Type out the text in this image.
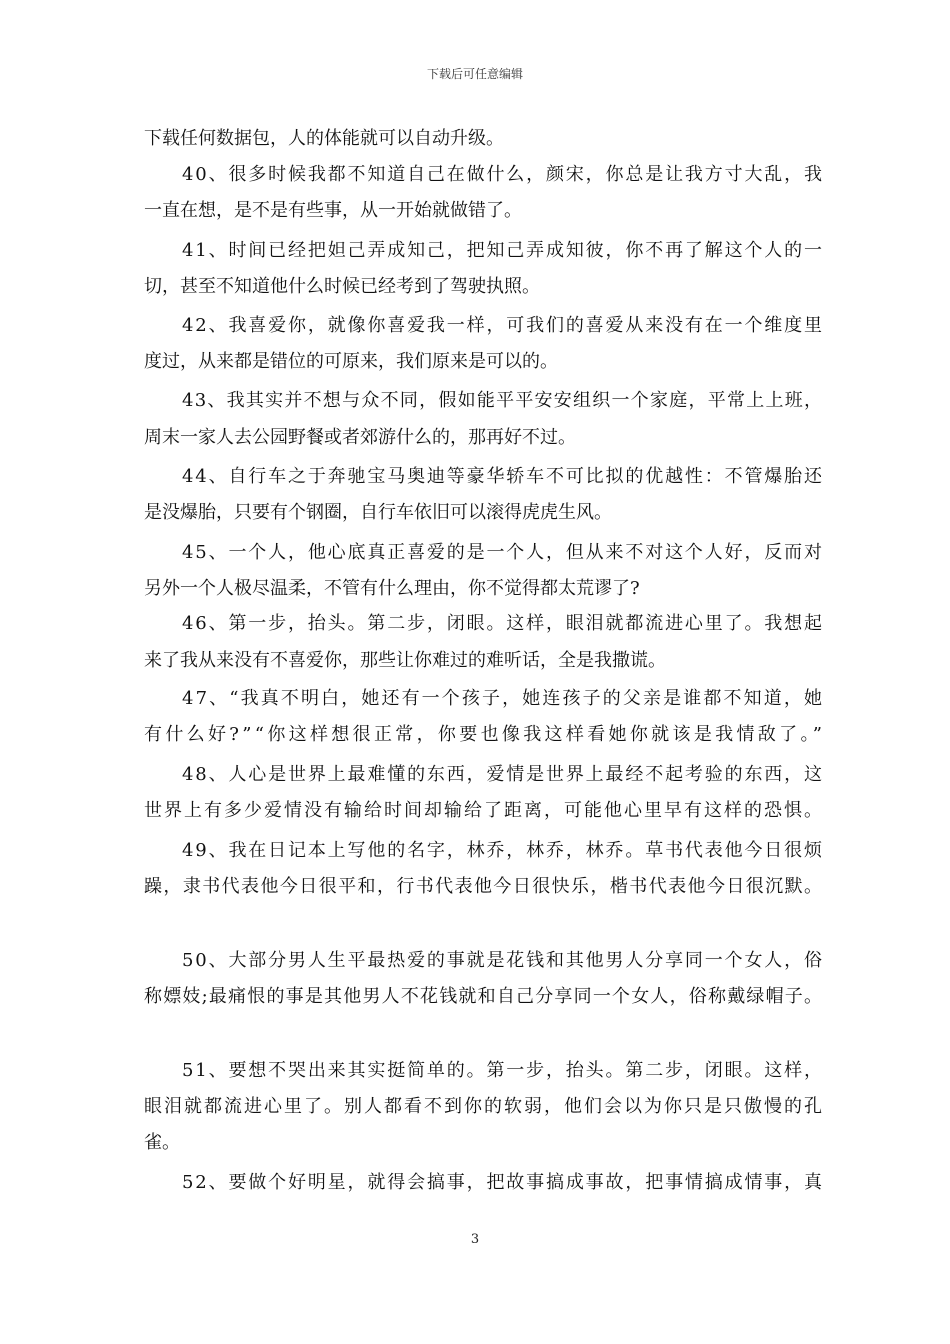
下载后可任意编辑
下载任何数据包，人的体能就可以自动升级。
40、很多时候我都不知道自己在做什么，颜宋，你总是让我方寸大乱，我
一直在想，是不是有些事，从一开始就做错了。
41、时间已经把妲己弄成知己，把知己弄成知彼，你不再了解这个人的一
切，甚至不知道他什么时候已经考到了驾驶执照。
42、我喜爱你，就像你喜爱我一样，可我们的喜爱从来没有在一个维度里
度过，从来都是错位的可原来，我们原来是可以的。
43、我其实并不想与众不同，假如能平平安安组织一个家庭，平常上上班，
周末一家人去公园野餐或者郊游什么的，那再好不过。
44、自行车之于奔驰宝马奥迪等豪华轿车不可比拟的优越性：不管爆胎还
是没爆胎，只要有个钢圈，自行车依旧可以滚得虎虎生风。
45、一个人，他心底真正喜爱的是一个人，但从来不对这个人好，反而对
另外一个人极尽温柔，不管有什么理由，你不觉得都太荒谬了?
46、第一步，抬头。第二步，闭眼。这样，眼泪就都流进心里了。我想起
来了我从来没有不喜爱你，那些让你难过的难听话，全是我撒谎。
47、“我真不明白，她还有一个孩子，她连孩子的父亲是谁都不知道，她
有什么好?”“你这样想很正常，你要也像我这样看她你就该是我情敌了。”
48、人心是世界上最难懂的东西，爱情是世界上最经不起考验的东西，这
世界上有多少爱情没有输给时间却输给了距离，可能他心里早有这样的恐惧。
49、我在日记本上写他的名字，林乔，林乔，林乔。草书代表他今日很烦
躁，隶书代表他今日很平和，行书代表他今日很快乐，楷书代表他今日很沉默。
50、大部分男人生平最热爱的事就是花钱和其他男人分享同一个女人，俗
称嫖妓;最痛恨的事是其他男人不花钱就和自己分享同一个女人，俗称戴绿帽子。
51、要想不哭出来其实挺简单的。第一步，抬头。第二步，闭眼。这样，
眼泪就都流进心里了。别人都看不到你的软弱，他们会以为你只是只傲慢的孔
雀。
52、要做个好明星，就得会搞事，把故事搞成事故，把事情搞成情事，真
3
